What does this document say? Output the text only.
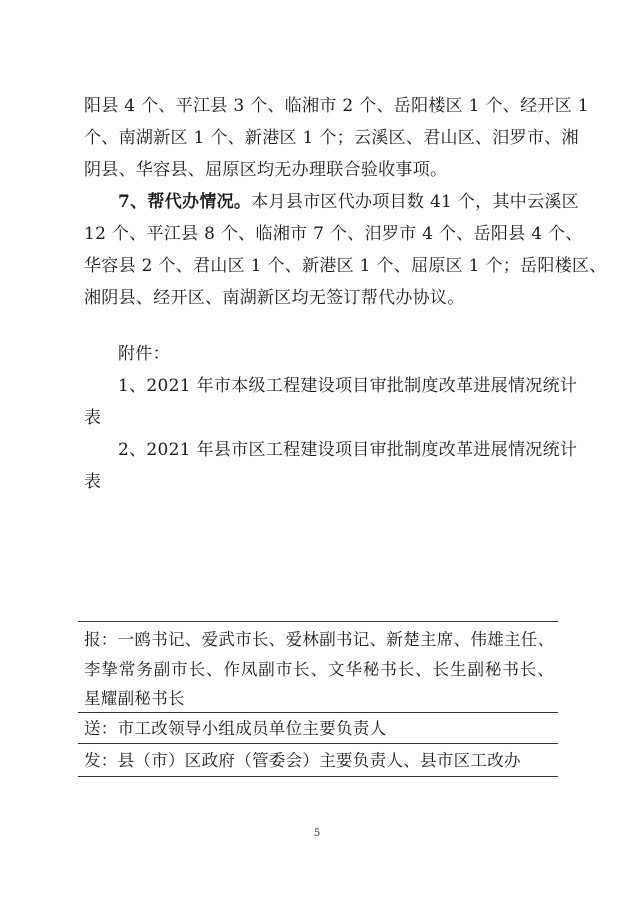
阳县 4 个、平江县 3 个、临湘市 2 个、岳阳楼区 1 个、经开区 1
个、南湖新区 1 个、新港区 1 个；云溪区、君山区、汨罗市、湘
阴县、华容县、屈原区均无办理联合验收事项。
7、帮代办情况。本月县市区代办项目数 41 个，其中云溪区
12 个、平江县 8 个、临湘市 7 个、汨罗市 4 个、岳阳县 4 个、
华容县 2 个、君山区 1 个、新港区 1 个、屈原区 1 个；岳阳楼区、
湘阴县、经开区、南湖新区均无签订帮代办协议。
附件：
1、2021 年市本级工程建设项目审批制度改革进展情况统计
表
2、2021 年县市区工程建设项目审批制度改革进展情况统计
表
报：一鸥书记、爱武市长、爱林副书记、新楚主席、伟雄主任、
李挚常务副市长、作凤副市长、文华秘书长、长生副秘书长、
星耀副秘书长
送：市工改领导小组成员单位主要负责人
发：县（市）区政府（管委会）主要负责人、县市区工改办
5
